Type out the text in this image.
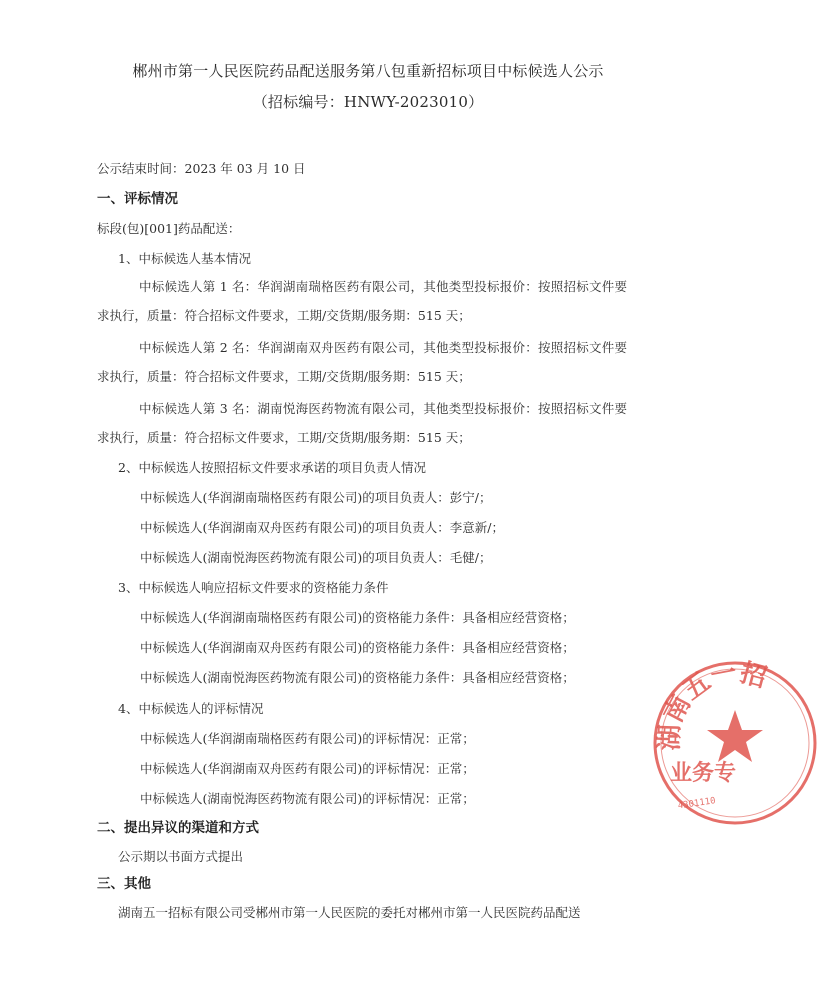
郴州市第一人民医院药品配送服务第八包重新招标项目中标候选人公示
（招标编号：HNWY-2023010）
公示结束时间：2023 年 03 月 10 日
一、评标情况
标段(包)[001]药品配送：
1、中标候选人基本情况
中标候选人第 1 名：华润湖南瑞格医药有限公司，其他类型投标报价：按照招标文件要求执行，质量：符合招标文件要求，工期/交货期/服务期：515 天；
中标候选人第 2 名：华润湖南双舟医药有限公司，其他类型投标报价：按照招标文件要求执行，质量：符合招标文件要求，工期/交货期/服务期：515 天；
中标候选人第 3 名：湖南悦海医药物流有限公司，其他类型投标报价：按照招标文件要求执行，质量：符合招标文件要求，工期/交货期/服务期：515 天；
2、中标候选人按照招标文件要求承诺的项目负责人情况
中标候选人(华润湖南瑞格医药有限公司)的项目负责人：彭宁/；
中标候选人(华润湖南双舟医药有限公司)的项目负责人：李意新/；
中标候选人(湖南悦海医药物流有限公司)的项目负责人：毛健/；
3、中标候选人响应招标文件要求的资格能力条件
中标候选人(华润湖南瑞格医药有限公司)的资格能力条件：具备相应经营资格；
中标候选人(华润湖南双舟医药有限公司)的资格能力条件：具备相应经营资格；
中标候选人(湖南悦海医药物流有限公司)的资格能力条件：具备相应经营资格；
4、中标候选人的评标情况
中标候选人(华润湖南瑞格医药有限公司)的评标情况：正常；
中标候选人(华润湖南双舟医药有限公司)的评标情况：正常；
中标候选人(湖南悦海医药物流有限公司)的评标情况：正常；
二、提出异议的渠道和方式
公示期以书面方式提出
三、其他
湖南五一招标有限公司受郴州市第一人民医院的委托对郴州市第一人民医院药品配送
湖南五一招
业务专
4301110
